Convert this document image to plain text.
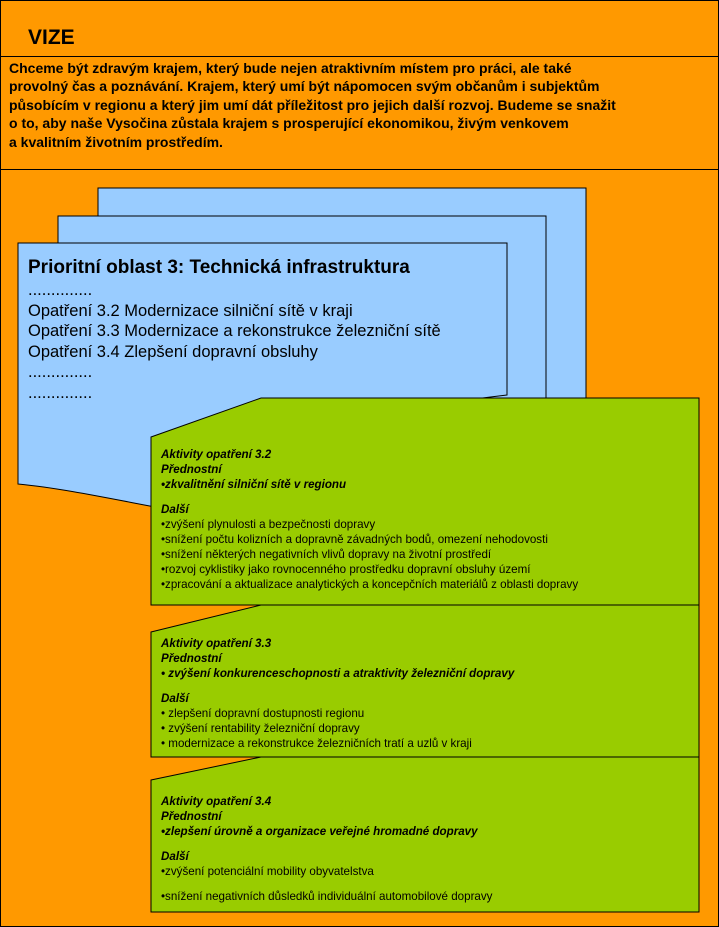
VIZE
Chceme být zdravým krajem, který bude nejen atraktivním místem pro práci, ale také
provolný čas a poznávání. Krajem, který umí být nápomocen svým občanům i subjektům
působícím v regionu a který jim umí dát příležitost pro jejich další rozvoj. Budeme se snažit
o to, aby naše Vysočina zůstala krajem s prosperující ekonomikou, živým venkovem
a kvalitním životním prostředím.
Prioritní oblast 3: Technická infrastruktura
..............
Opatření 3.2 Modernizace silniční sítě v kraji
Opatření 3.3 Modernizace a rekonstrukce železniční sítě
Opatření 3.4 Zlepšení dopravní obsluhy
..............
..............
Aktivity opatření 3.2
Přednostní
•zkvalitnění silniční sítě v regionu
Další
•zvýšení plynulosti a bezpečnosti dopravy
•snížení počtu kolizních a dopravně závadných bodů, omezení nehodovosti
•snížení některých negativních vlivů dopravy na životní prostředí
•rozvoj cyklistiky jako rovnocenného prostředku dopravní obsluhy území
•zpracování a aktualizace analytických a koncepčních materiálů z oblasti dopravy
Aktivity opatření 3.3
Přednostní
• zvýšení konkurenceschopnosti a atraktivity železniční dopravy
Další
• zlepšení dopravní dostupnosti regionu
• zvýšení rentability železniční dopravy
• modernizace a rekonstrukce železničních tratí a uzlů v kraji
Aktivity opatření 3.4
Přednostní
•zlepšení úrovně a organizace veřejné hromadné dopravy
Další
•zvýšení potenciální mobility obyvatelstva
•snížení negativních důsledků individuální automobilové dopravy
